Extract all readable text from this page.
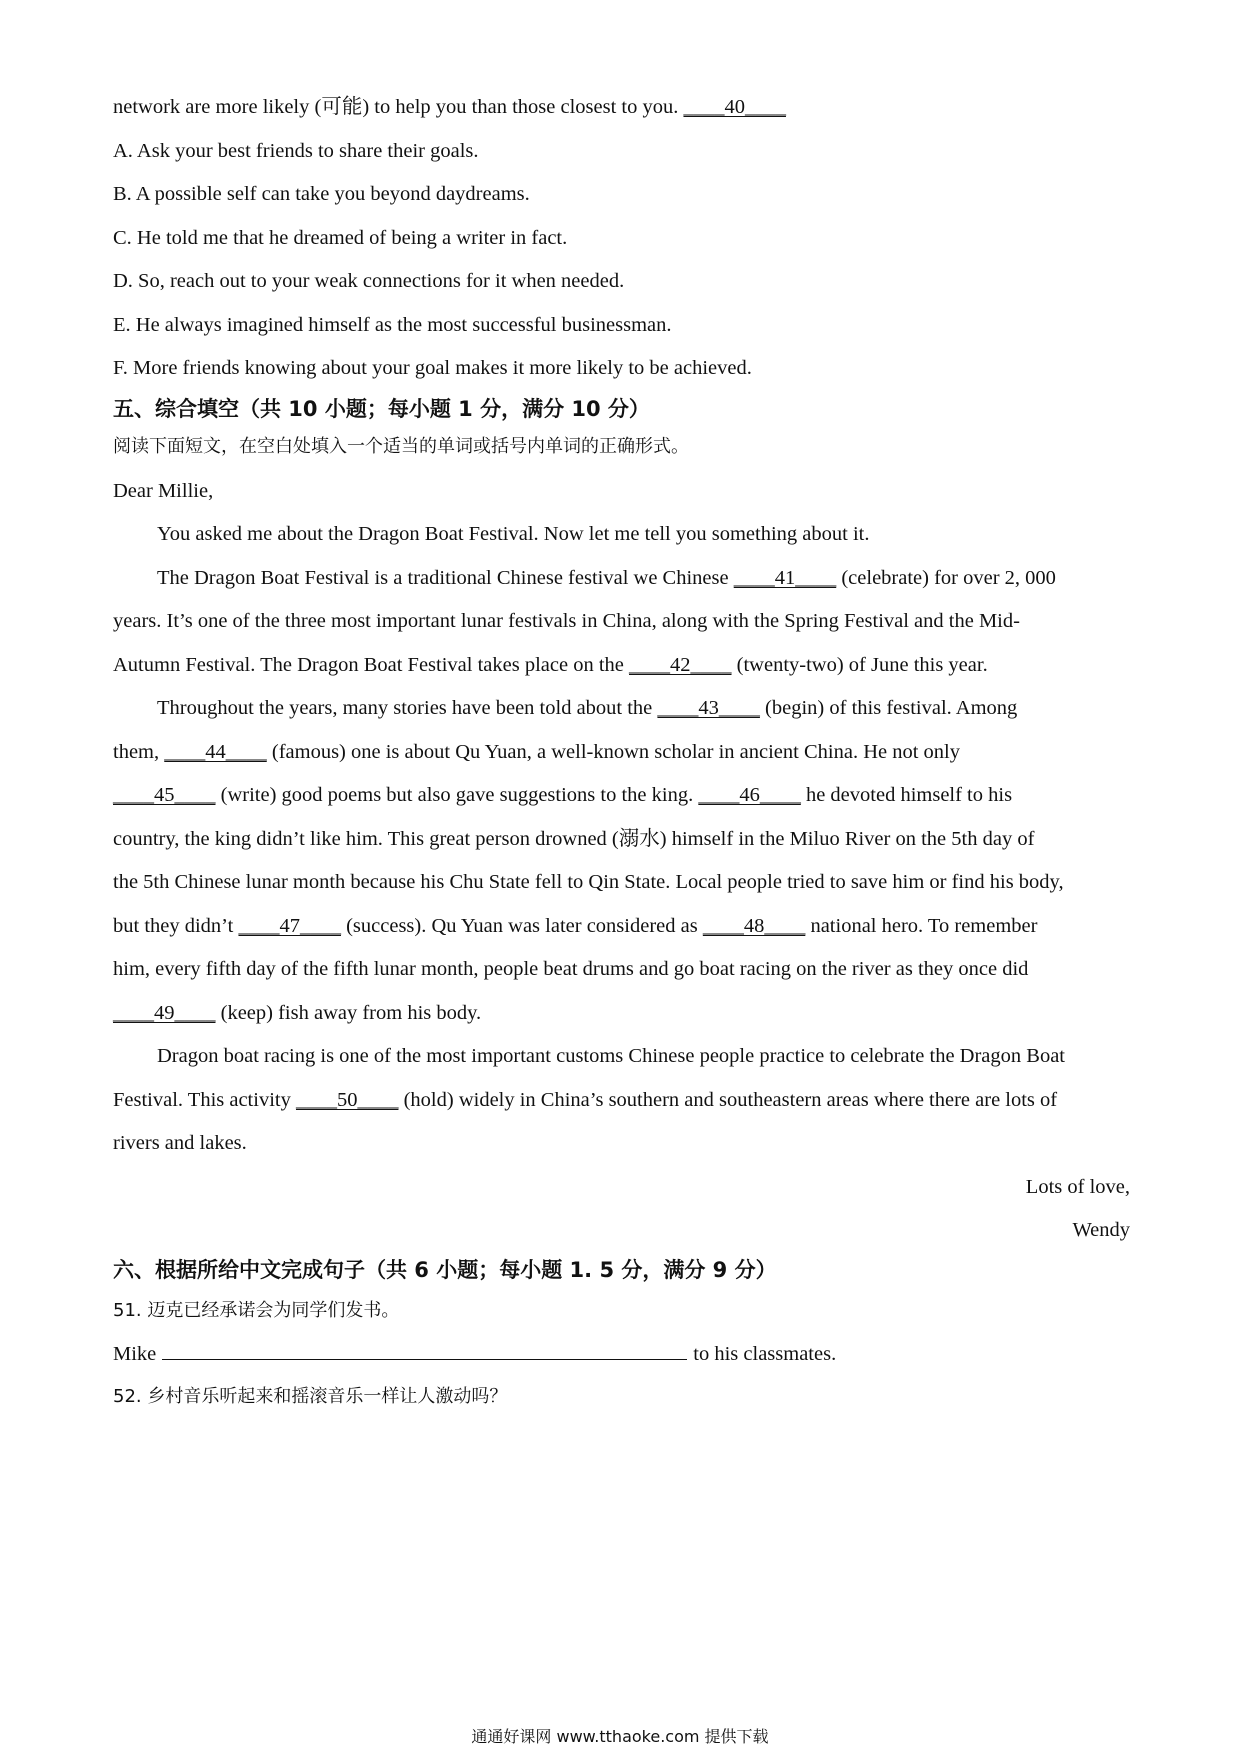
network are more likely (可能) to help you than those closest to you. ____40____
A. Ask your best friends to share their goals.
B. A possible self can take you beyond daydreams.
C. He told me that he dreamed of being a writer in fact.
D. So, reach out to your weak connections for it when needed.
E. He always imagined himself as the most successful businessman.
F. More friends knowing about your goal makes it more likely to be achieved.
五、综合填空（共 10 小题；每小题 1 分，满分 10 分）
阅读下面短文，在空白处填入一个适当的单词或括号内单词的正确形式。
Dear Millie,
You asked me about the Dragon Boat Festival. Now let me tell you something about it.
The Dragon Boat Festival is a traditional Chinese festival we Chinese ____41____ (celebrate) for over 2, 000
years. It’s one of the three most important lunar festivals in China, along with the Spring Festival and the Mid-
Autumn Festival. The Dragon Boat Festival takes place on the ____42____ (twenty-two) of June this year.
Throughout the years, many stories have been told about the ____43____ (begin) of this festival. Among
them, ____44____ (famous) one is about Qu Yuan, a well-known scholar in ancient China. He not only
____45____ (write) good poems but also gave suggestions to the king. ____46____ he devoted himself to his
country, the king didn’t like him. This great person drowned (溺水) himself in the Miluo River on the 5th day of
the 5th Chinese lunar month because his Chu State fell to Qin State. Local people tried to save him or find his body,
but they didn’t ____47____ (success). Qu Yuan was later considered as ____48____ national hero. To remember
him, every fifth day of the fifth lunar month, people beat drums and go boat racing on the river as they once did
____49____ (keep) fish away from his body.
Dragon boat racing is one of the most important customs Chinese people practice to celebrate the Dragon Boat
Festival. This activity ____50____ (hold) widely in China’s southern and southeastern areas where there are lots of
rivers and lakes.
Lots of love,
Wendy
六、根据所给中文完成句子（共 6 小题；每小题 1. 5 分，满分 9 分）
51. 迈克已经承诺会为同学们发书。
Mike	to his classmates.
52. 乡村音乐听起来和摇滚音乐一样让人激动吗？
通通好课网 www.tthaoke.com 提供下载
